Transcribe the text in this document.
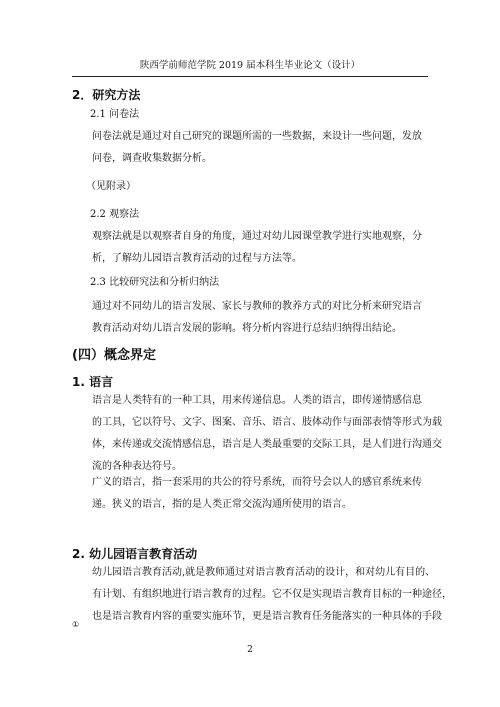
陕西学前师范学院 2019 届本科生毕业论文（设计）
2．研究方法
2.1 问卷法
问卷法就是通过对自己研究的课题所需的一些数据，来设计一些问题，发放
问卷，调查收集数据分析。
（见附录）
2.2 观察法
观察法就是以观察者自身的角度，通过对幼儿园课堂教学进行实地观察，分
析，了解幼儿园语言教育活动的过程与方法等。
2.3 比较研究法和分析归纳法
通过对不同幼儿的语言发展、家长与教师的教养方式的对比分析来研究语言
教育活动对幼儿语言发展的影响。将分析内容进行总结归纳得出结论。
(四）概念界定
1. 语言
语言是人类特有的一种工具，用来传递信息。人类的语言，即传递情感信息
的工具，它以符号、文字、图案、音乐、语言、肢体动作与面部表情等形式为载
体，来传递或交流情感信息，语言是人类最重要的交际工具，是人们进行沟通交
流的各种表达符号。
广义的语言，指一套采用的共公的符号系统，而符号会以人的感官系统来传
递。狭义的语言，指的是人类正常交流沟通所使用的语言。
2. 幼儿园语言教育活动
幼儿园语言教育活动,就是教师通过对语言教育活动的设计，和对幼儿有目的、
有计划、有组织地进行语言教育的过程。它不仅是实现语言教育目标的一种途径，
也是语言教育内容的重要实施环节，更是语言教育任务能落实的一种具体的手段
①
2
